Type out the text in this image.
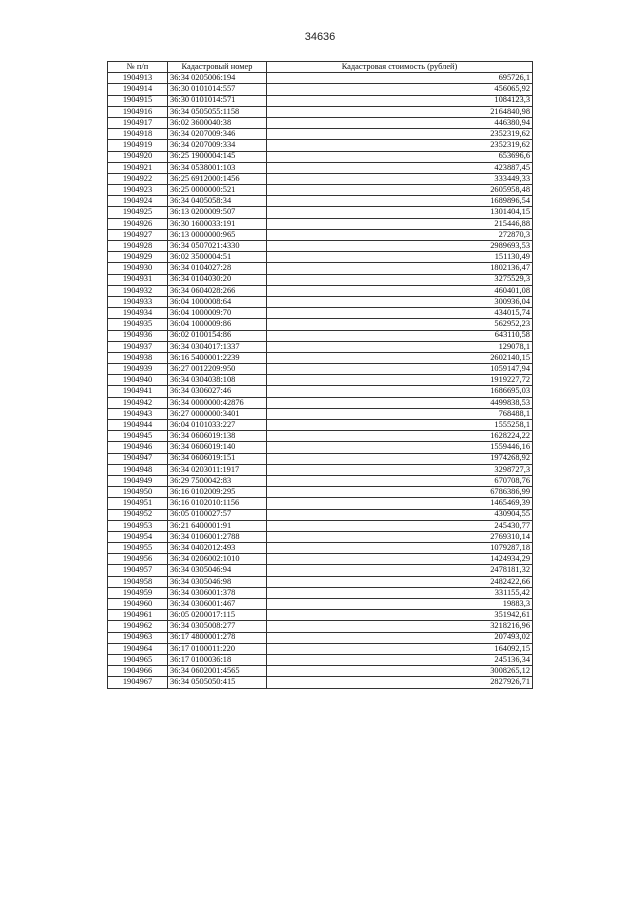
34636
№ п/п	Кадастровый номер	Кадастровая стоимость (рублей)
1904913	36:34 0205006:194	695726,1
1904914	36:30 0101014:557	456065,92
1904915	36:30 0101014:571	1084123,3
1904916	36:34 0505055:1158	2164840,98
1904917	36:02 3600040:38	446380,94
1904918	36:34 0207009:346	2352319,62
1904919	36:34 0207009:334	2352319,62
1904920	36:25 1900004:145	653696,6
1904921	36:34 0538001:103	423887,45
1904922	36:25 6912000:1456	333449,33
1904923	36:25 0000000:521	2605958,48
1904924	36:34 0405058:34	1689896,54
1904925	36:13 0200009:507	1301404,15
1904926	36:30 1600033:191	215446,88
1904927	36:13 0000000:965	272870,3
1904928	36:34 0507021:4330	2989693,53
1904929	36:02 3500004:51	151130,49
1904930	36:34 0104027:28	1802136,47
1904931	36:34 0104030:20	3275529,3
1904932	36:34 0604028:266	460401,08
1904933	36:04 1000008:64	300936,04
1904934	36:04 1000009:70	434015,74
1904935	36:04 1000009:86	562952,23
1904936	36:02 0100154:86	643110,58
1904937	36:34 0304017:1337	129078,1
1904938	36:16 5400001:2239	2602140,15
1904939	36:27 0012209:950	1059147,94
1904940	36:34 0304038:108	1919227,72
1904941	36:34 0306027:46	1686695,03
1904942	36:34 0000000:42876	4499838,53
1904943	36:27 0000000:3401	768488,1
1904944	36:04 0101033:227	1555258,1
1904945	36:34 0606019:138	1628224,22
1904946	36:34 0606019:140	1559446,16
1904947	36:34 0606019:151	1974268,92
1904948	36:34 0203011:1917	3298727,3
1904949	36:29 7500042:83	670708,76
1904950	36:16 0102009:295	6786386,99
1904951	36:16 0102010:1156	1465469,39
1904952	36:05 0100027:57	430904,55
1904953	36:21 6400001:91	245430,77
1904954	36:34 0106001:2788	2769310,14
1904955	36:34 0402012:493	1079287,18
1904956	36:34 0206002:1010	1424934,29
1904957	36:34 0305046:94	2478181,32
1904958	36:34 0305046:98	2482422,66
1904959	36:34 0306001:378	331155,42
1904960	36:34 0306001:467	19883,3
1904961	36:05 0200017:115	351942,61
1904962	36:34 0305008:277	3218216,96
1904963	36:17 4800001:278	207493,02
1904964	36:17 0100011:220	164092,15
1904965	36:17 0100036:18	245136,34
1904966	36:34 0602001:4565	3008265,12
1904967	36:34 0505050:415	2827926,71
